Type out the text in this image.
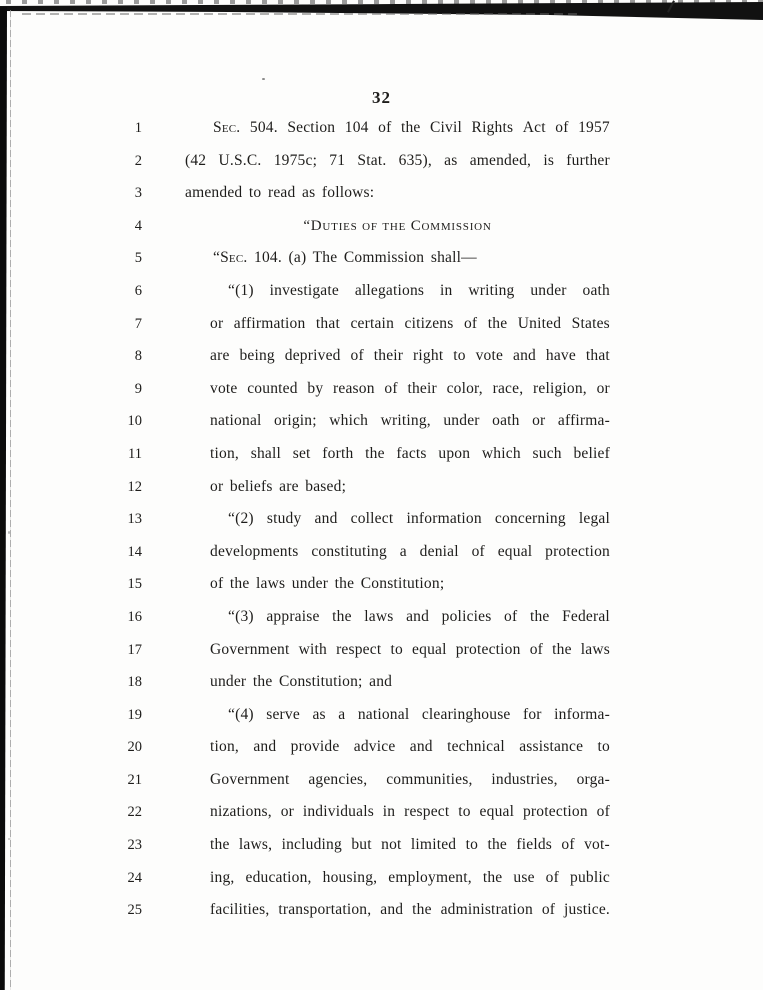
32
1	Sec. 504. Section 104 of the Civil Rights Act of 1957
2	(42 U.S.C. 1975c; 71 Stat. 635), as amended, is further
3	amended to read as follows:
4	“Duties of the Commission
5	“Sec. 104. (a) The Commission shall—
6	“(1) investigate allegations in writing under oath
7	or affirmation that certain citizens of the United States
8	are being deprived of their right to vote and have that
9	vote counted by reason of their color, race, religion, or
10	national origin; which writing, under oath or affirma-
11	tion, shall set forth the facts upon which such belief
12	or beliefs are based;
13	“(2) study and collect information concerning legal
14	developments constituting a denial of equal protection
15	of the laws under the Constitution;
16	“(3) appraise the laws and policies of the Federal
17	Government with respect to equal protection of the laws
18	under the Constitution; and
19	“(4) serve as a national clearinghouse for informa-
20	tion, and provide advice and technical assistance to
21	Government agencies, communities, industries, orga-
22	nizations, or individuals in respect to equal protection of
23	the laws, including but not limited to the fields of vot-
24	ing, education, housing, employment, the use of public
25	facilities, transportation, and the administration of justice.
